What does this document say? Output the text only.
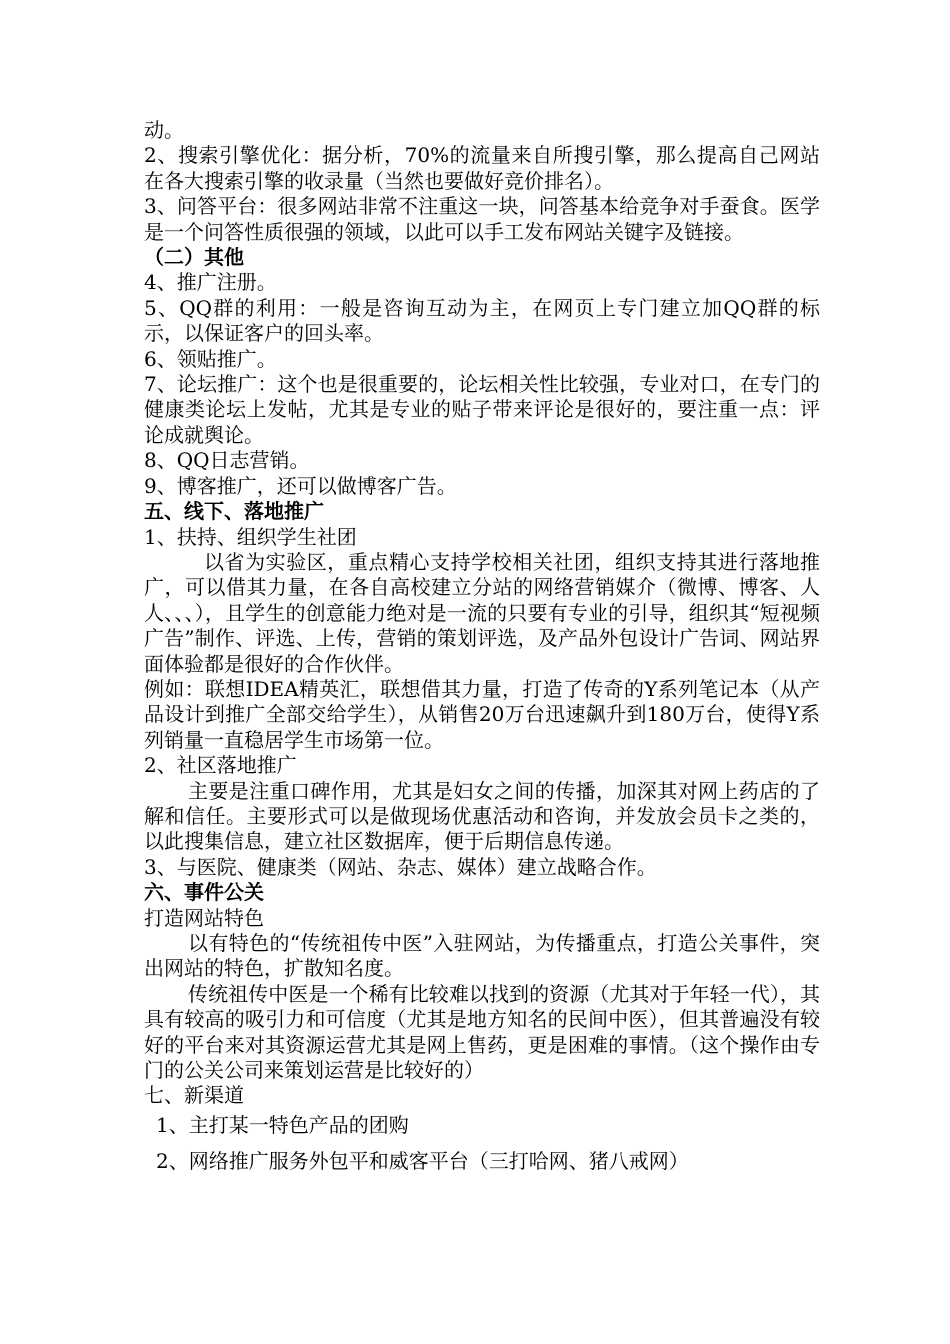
动。

2、搜索引擎优化：据分析，70%的流量来自所搜引擎，那么提高自己网站在各大搜索引擎的收录量（当然也要做好竞价排名）。

3、问答平台：很多网站非常不注重这一块，问答基本给竞争对手蚕食。医学是一个问答性质很强的领域，以此可以手工发布网站关键字及链接。

（二）其他

4、推广注册。

5、QQ群的利用：一般是咨询互动为主，在网页上专门建立加QQ群的标示，以保证客户的回头率。

6、领贴推广。

7、论坛推广：这个也是很重要的，论坛相关性比较强，专业对口，在专门的健康类论坛上发帖，尤其是专业的贴子带来评论是很好的，要注重一点：评论成就舆论。

8、QQ日志营销。

9、博客推广，还可以做博客广告。

五、线下、落地推广

1、扶持、组织学生社团

以省为实验区，重点精心支持学校相关社团，组织支持其进行落地推广，可以借其力量，在各自高校建立分站的网络营销媒介（微博、博客、人人、、、），且学生的创意能力绝对是一流的只要有专业的引导，组织其“短视频广告”制作、评选、上传，营销的策划评选，及产品外包设计广告词、网站界面体验都是很好的合作伙伴。

例如：联想IDEA精英汇，联想借其力量，打造了传奇的Y系列笔记本（从产品设计到推广全部交给学生），从销售20万台迅速飙升到180万台，使得Y系列销量一直稳居学生市场第一位。

2、社区落地推广

主要是注重口碑作用，尤其是妇女之间的传播，加深其对网上药店的了解和信任。主要形式可以是做现场优惠活动和咨询，并发放会员卡之类的，以此搜集信息，建立社区数据库，便于后期信息传递。

3、与医院、健康类（网站、杂志、媒体）建立战略合作。

六、事件公关

打造网站特色

以有特色的“传统祖传中医”入驻网站，为传播重点，打造公关事件，突出网站的特色，扩散知名度。

传统祖传中医是一个稀有比较难以找到的资源（尤其对于年轻一代），其具有较高的吸引力和可信度（尤其是地方知名的民间中医），但其普遍没有较好的平台来对其资源运营尤其是网上售药，更是困难的事情。（这个操作由专门的公关公司来策划运营是比较好的）

七、新渠道

1、主打某一特色产品的团购

2、网络推广服务外包平和威客平台（三打哈网、猪八戒网）
